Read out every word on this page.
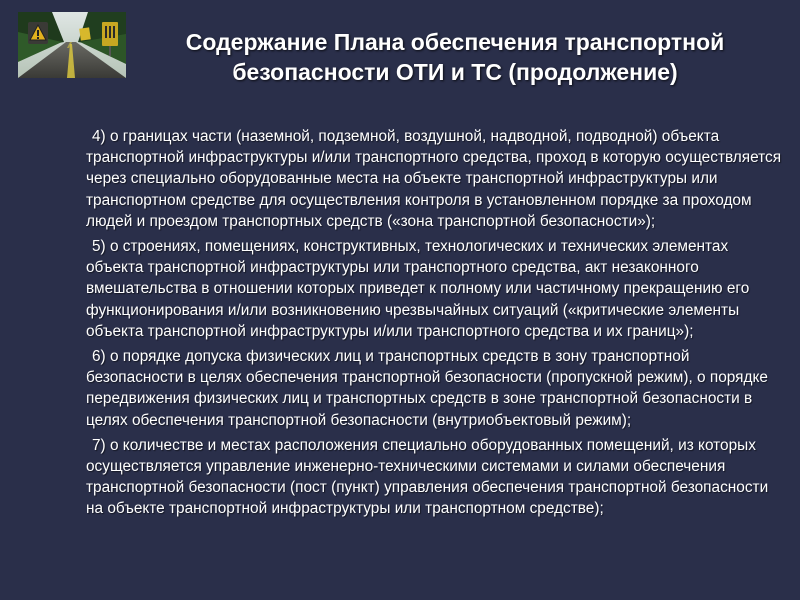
Содержание Плана обеспечения транспортной безопасности ОТИ и ТС (продолжение)

4) о границах части (наземной, подземной, воздушной, надводной, подводной) объекта транспортной инфраструктуры и/или транспортного средства, проход в которую осуществляется через специально оборудованные места на объекте транспортной инфраструктуры или транспортном средстве для осуществления контроля в установленном порядке за проходом людей и проездом транспортных средств («зона транспортной безопасности»);

5) о строениях, помещениях, конструктивных, технологических и технических элементах объекта транспортной инфраструктуры или транспортного средства, акт незаконного вмешательства в отношении которых приведет к полному или частичному прекращению его функционирования и/или возникновению чрезвычайных ситуаций («критические элементы объекта транспортной инфраструктуры и/или транспортного средства и их границ»);

6) о порядке допуска физических лиц и транспортных средств в зону транспортной безопасности в целях обеспечения транспортной безопасности (пропускной режим), о порядке передвижения физических лиц и транспортных средств в зоне транспортной безопасности в целях обеспечения транспортной безопасности (внутриобъектовый режим);

7) о количестве и местах расположения специально оборудованных помещений, из которых осуществляется управление инженерно-техническими системами и силами обеспечения транспортной безопасности (пост (пункт) управления обеспечения транспортной безопасности на объекте транспортной инфраструктуры или транспортном средстве);
